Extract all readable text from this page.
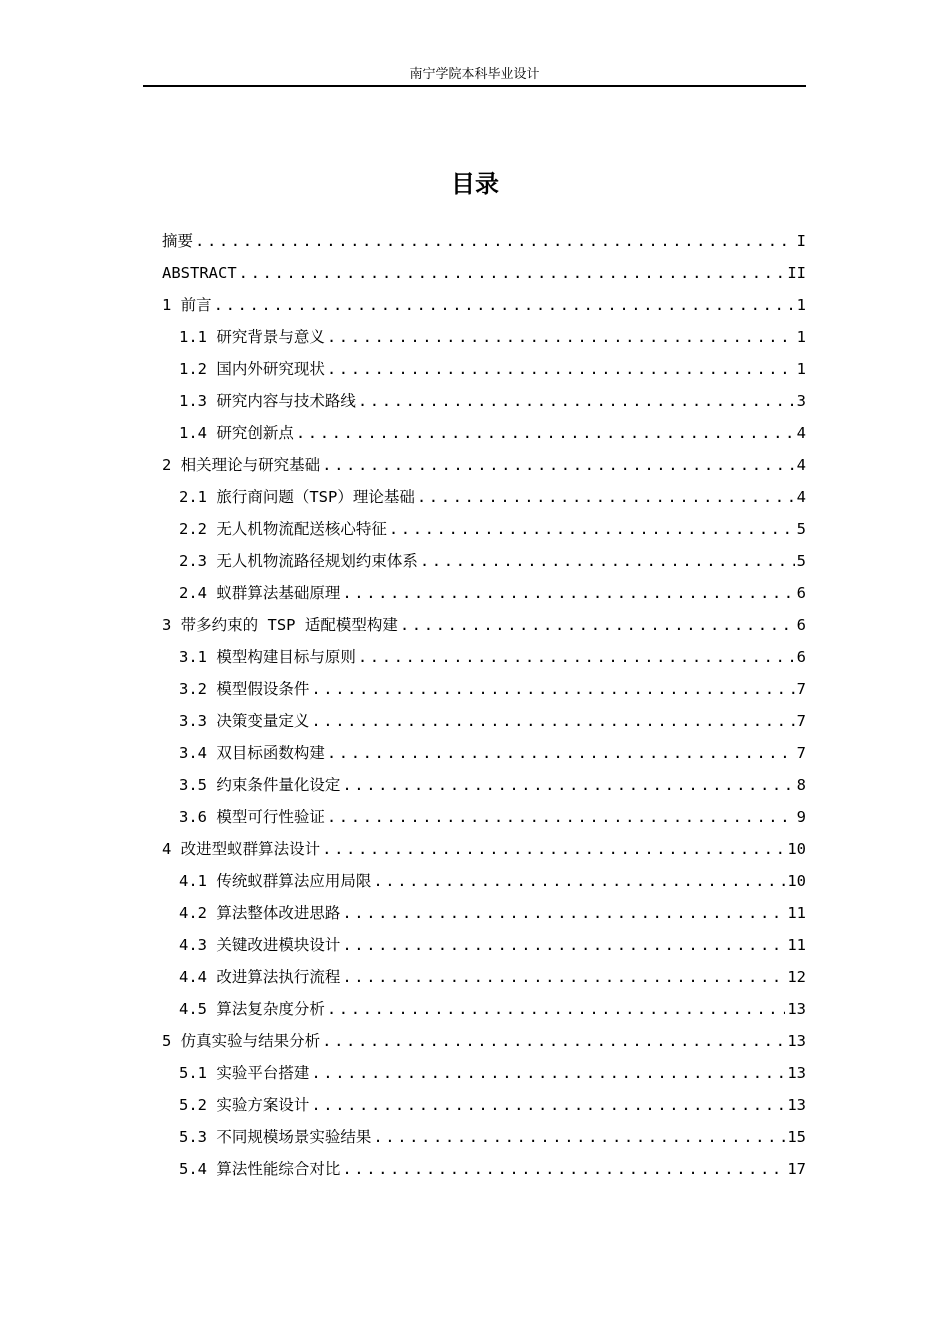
南宁学院本科毕业设计
目录
摘要 .....	I
ABSTRACT .....	II
1 前言 .....	1
1.1 研究背景与意义 .....	1
1.2 国内外研究现状 .....	1
1.3 研究内容与技术路线 .....	3
1.4 研究创新点 .....	4
2 相关理论与研究基础 .....	4
2.1 旅行商问题（TSP）理论基础 .....	4
2.2 无人机物流配送核心特征 .....	5
2.3 无人机物流路径规划约束体系 .....	5
2.4 蚁群算法基础原理 .....	6
3 带多约束的 TSP 适配模型构建 .....	6
3.1 模型构建目标与原则 .....	6
3.2 模型假设条件 .....	7
3.3 决策变量定义 .....	7
3.4 双目标函数构建 .....	7
3.5 约束条件量化设定 .....	8
3.6 模型可行性验证 .....	9
4 改进型蚁群算法设计 .....	10
4.1 传统蚁群算法应用局限 .....	10
4.2 算法整体改进思路 .....	11
4.3 关键改进模块设计 .....	11
4.4 改进算法执行流程 .....	12
4.5 算法复杂度分析 .....	13
5 仿真实验与结果分析 .....	13
5.1 实验平台搭建 .....	13
5.2 实验方案设计 .....	13
5.3 不同规模场景实验结果 .....	15
5.4 算法性能综合对比 .....	17
